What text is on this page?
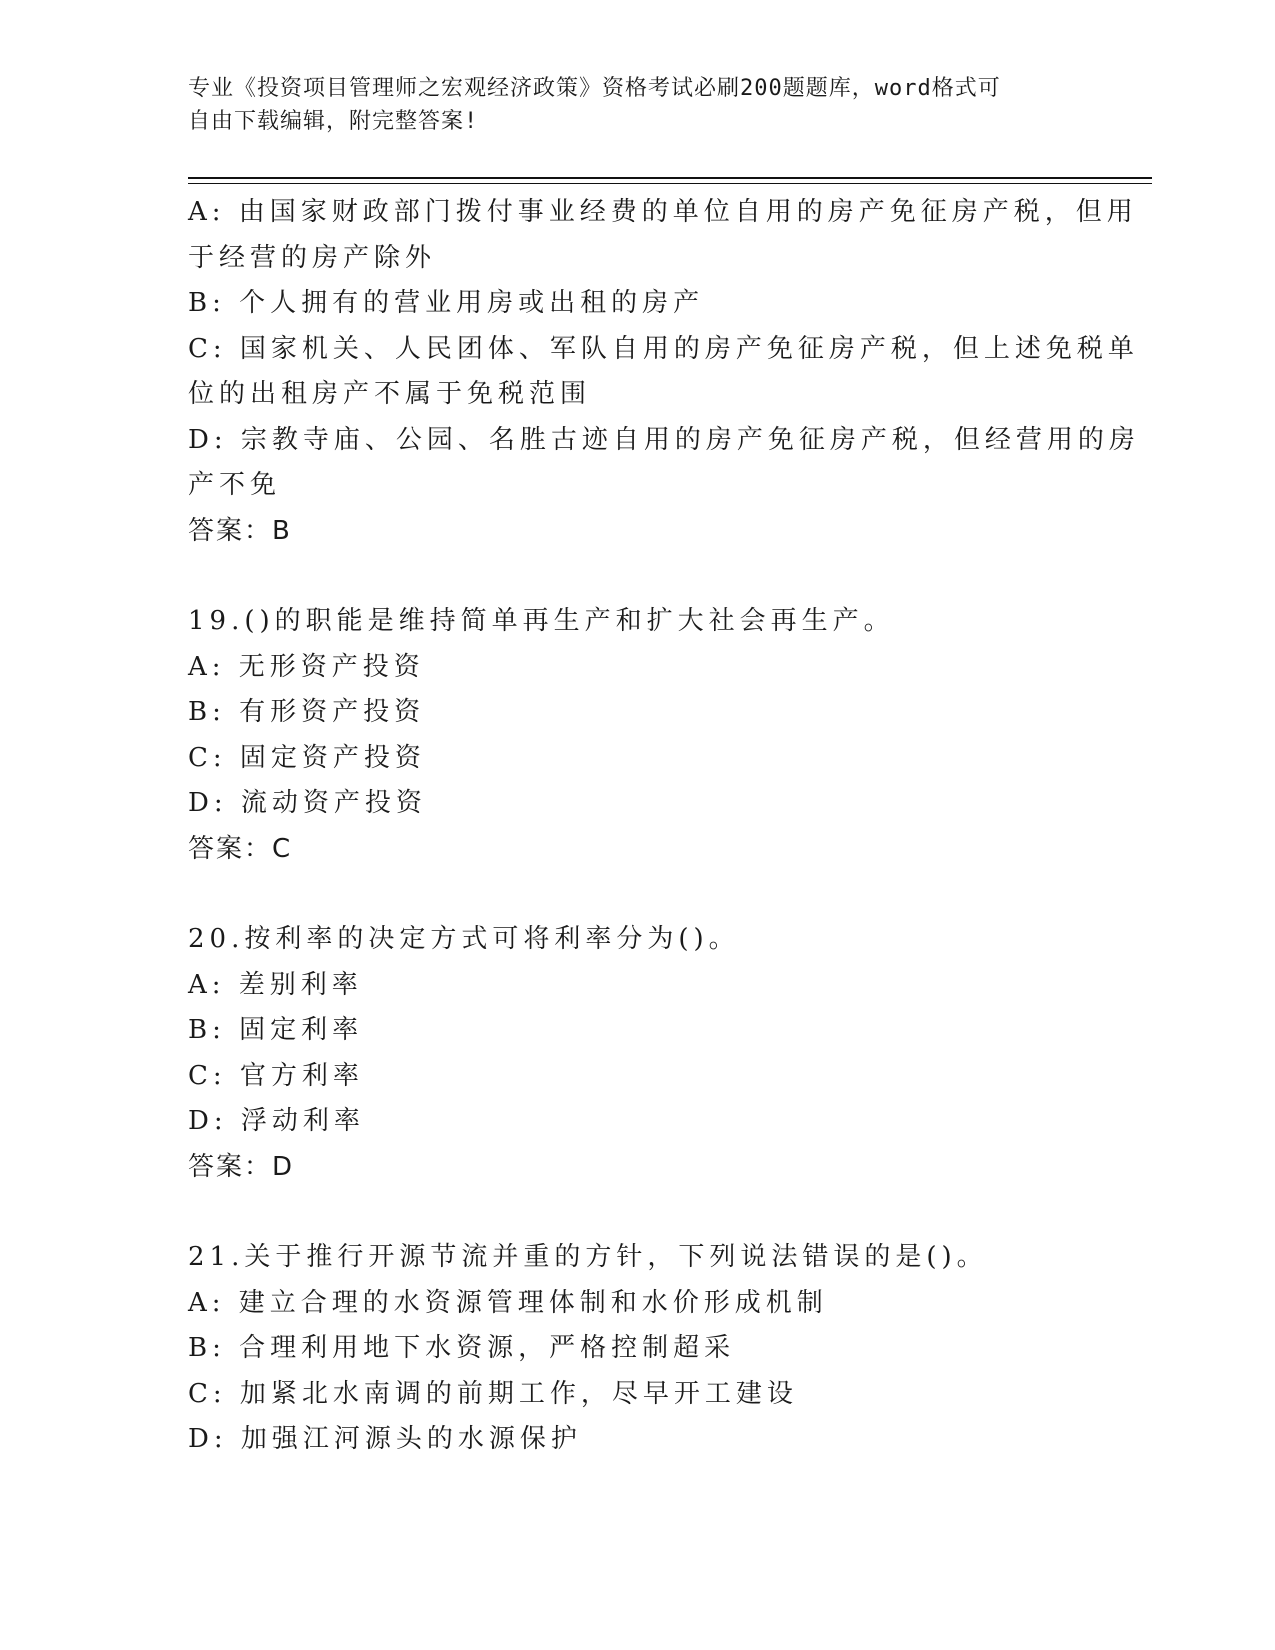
专业《投资项目管理师之宏观经济政策》资格考试必刷200题题库，word格式可
自由下载编辑，附完整答案!
A: 由国家财政部门拨付事业经费的单位自用的房产免征房产税，但用
于经营的房产除外
B: 个人拥有的营业用房或出租的房产
C: 国家机关、人民团体、军队自用的房产免征房产税，但上述免税单
位的出租房产不属于免税范围
D: 宗教寺庙、公园、名胜古迹自用的房产免征房产税，但经营用的房
产不免
答案：B
19.()的职能是维持简单再生产和扩大社会再生产。
A: 无形资产投资
B: 有形资产投资
C: 固定资产投资
D: 流动资产投资
答案：C
20.按利率的决定方式可将利率分为()。
A: 差别利率
B: 固定利率
C: 官方利率
D: 浮动利率
答案：D
21.关于推行开源节流并重的方针，下列说法错误的是()。
A: 建立合理的水资源管理体制和水价形成机制
B: 合理利用地下水资源，严格控制超采
C: 加紧北水南调的前期工作，尽早开工建设
D: 加强江河源头的水源保护
